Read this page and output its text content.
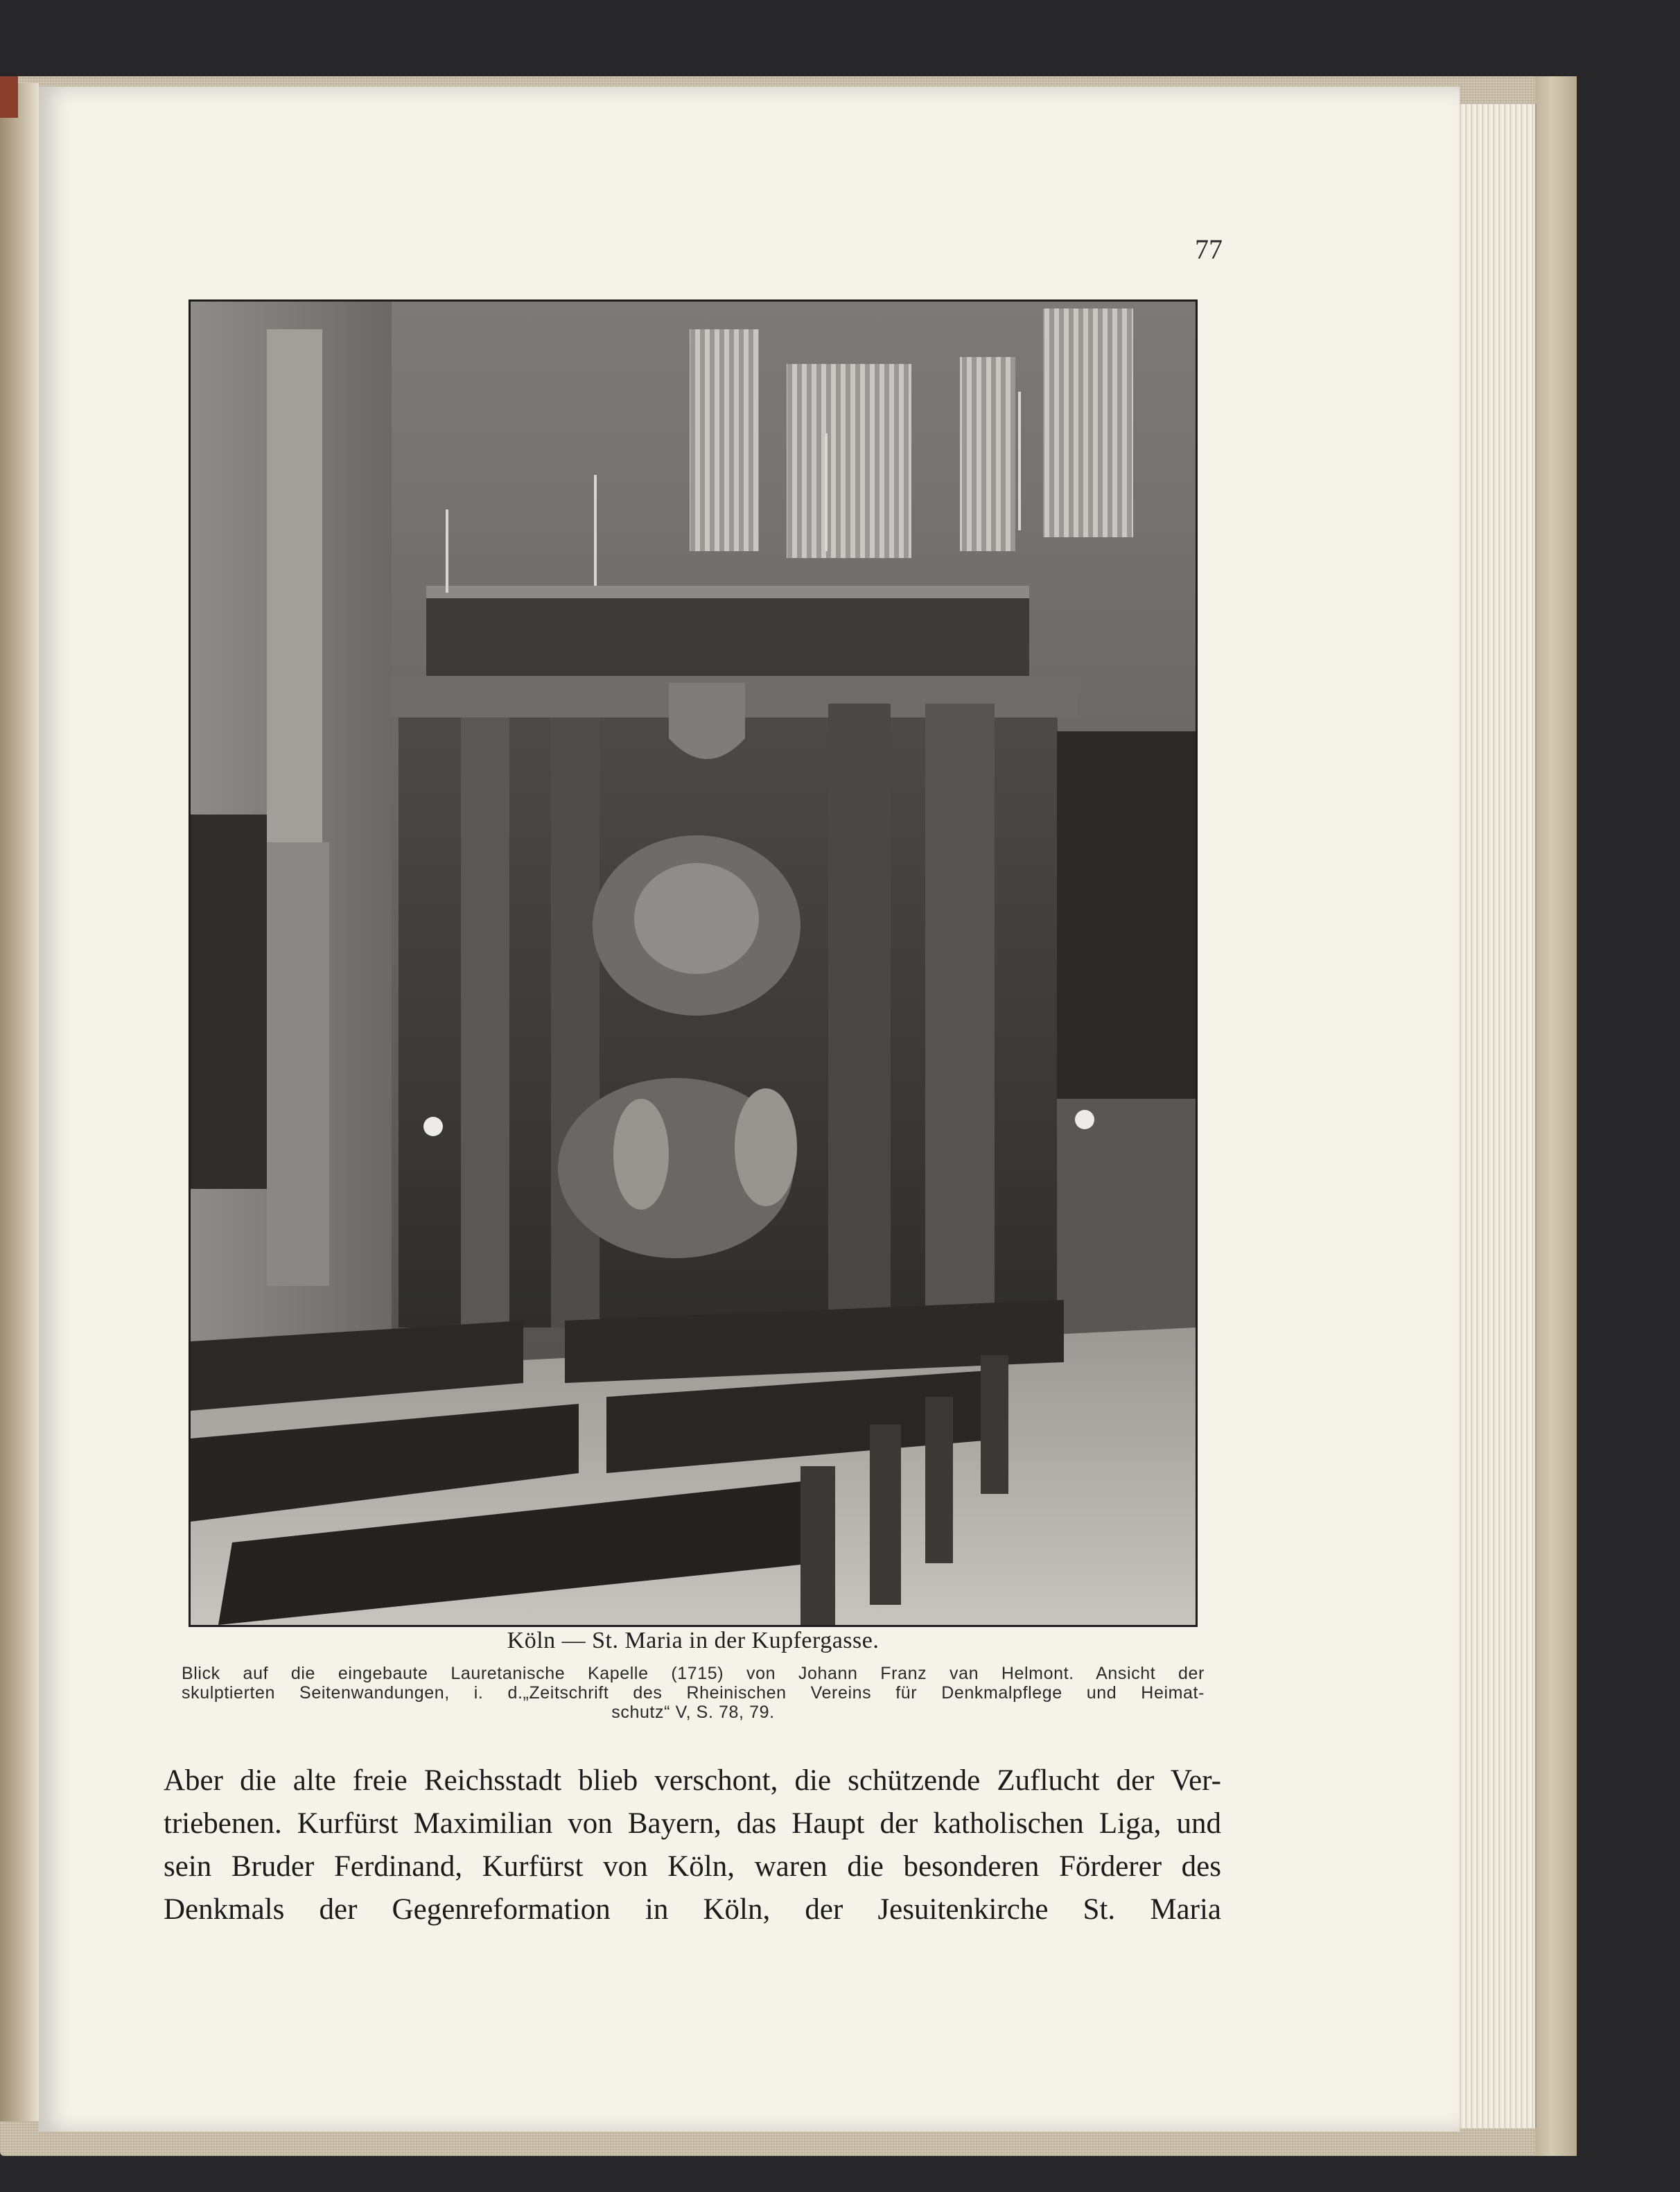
77
Köln — St. Maria in der Kupfergasse.
Blick auf die eingebaute Lauretanische Kapelle (1715) von Johann Franz van Helmont. Ansicht der
skulptierten Seitenwandungen, i. d.„Zeitschrift des Rheinischen Vereins für Denkmalpflege und Heimat-
schutz“ V, S. 78, 79.
Aber die alte freie Reichsstadt blieb verschont, die schützende Zuflucht der Ver-
triebenen. Kurfürst Maximilian von Bayern, das Haupt der katholischen Liga, und
sein Bruder Ferdinand, Kurfürst von Köln, waren die besonderen Förderer des
Denkmals der Gegenreformation in Köln, der Jesuitenkirche St. Maria
